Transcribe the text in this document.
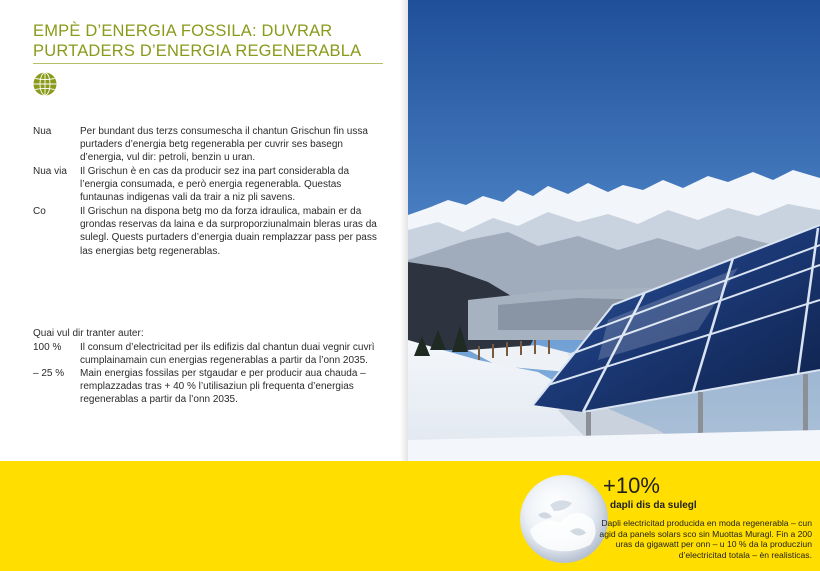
EMPÈ D’ENERGIA FOSSILA: DUVRAR
PURTADERS D’ENERGIA REGENERABLA
Nua	Per bundant dus terzs consumescha il chantun Grischun fin ussa purtaders d’energia betg regenerabla per cuvrir ses basegn d’energia, vul dir: petroli, benzin u uran.
Nua via	Il Grischun è en cas da producir sez ina part considerabla da l’energia consumada, e però energia regenerabla. Questas funtaunas indigenas vali da trair a niz pli savens.
Co	Il Grischun na dispona betg mo da forza idraulica, mabain er da grondas reservas da laina e da surproporziunalmain bleras uras da sulegl. Quests purtaders d’energia duain remplazzar pass per pass las energias betg regenerablas.
Quai vul dir tranter auter:
100 %	Il consum d’electricitad per ils edifizis dal chantun duai vegnir cuvrì cumplainamain cun energias regenerablas a partir da l’onn 2035.
– 25 %	Main energias fossilas per stgaudar e per producir aua chauda – remplazzadas tras + 40 % l’utilisaziun pli frequenta d’energias regenerablas a partir da l’onn 2035.
+10%
dapli dis da sulegl
Dapli electricitad producida en moda regenerabla – cun agid da panels solars sco sin Muottas Muragl. Fin a 200 uras da gigawatt per onn – u 10 % da la producziun d’electricitad totala – èn realisticas.
